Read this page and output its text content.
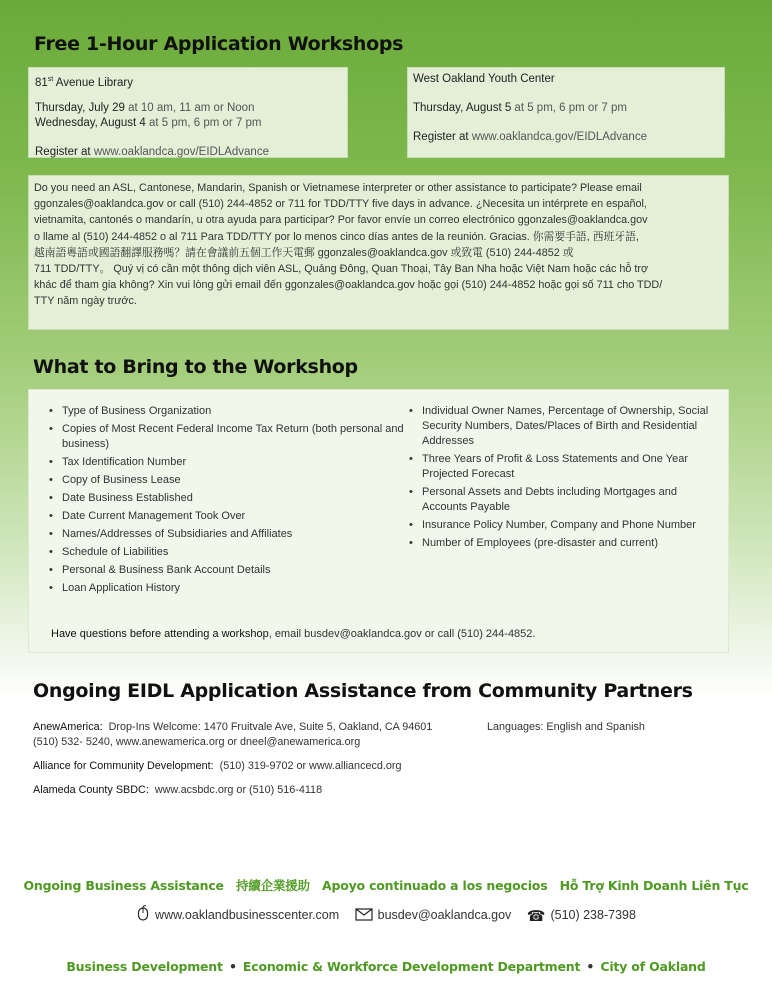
Free 1-Hour Application Workshops
81st Avenue Library
Thursday, July 29 at 10 am, 11 am or Noon
Wednesday, August 4 at 5 pm, 6 pm or 7 pm
Register at www.oaklandca.gov/EIDLAdvance
West Oakland Youth Center
Thursday, August 5 at 5 pm, 6 pm or 7 pm
Register at www.oaklandca.gov/EIDLAdvance
Do you need an ASL, Cantonese, Mandarin, Spanish or Vietnamese interpreter or other assistance to participate? Please email
ggonzales@oaklandca.gov or call (510) 244-4852 or 711 for TDD/TTY five days in advance. ¿Necesita un intérprete en español,
vietnamita, cantonés o mandarín, u otra ayuda para participar? Por favor envíe un correo electrónico ggonzales@oaklandca.gov
o llame al (510) 244-4852 o al 711 Para TDD/TTY por lo menos cinco días antes de la reunión. Gracias. 你需要手語, 西班牙語,
越南語粵語或國語翻譯服務嗎？請在會議前五個工作天電郵 ggonzales@oaklandca.gov 或致電 (510) 244-4852 或
711 TDD/TTY。 Quý vị có cần một thông dịch viên ASL, Quảng Đông, Quan Thoại, Tây Ban Nha hoặc Việt Nam hoặc các hỗ trợ
khác để tham gia không? Xin vui lòng gửi email đến ggonzales@oaklandca.gov hoặc gọi (510) 244-4852 hoặc gọi số 711 cho TDD/
TTY năm ngày trước.
What to Bring to the Workshop
• Type of Business Organization
• Copies of Most Recent Federal Income Tax Return (both personal and business)
• Tax Identification Number
• Copy of Business Lease
• Date Business Established
• Date Current Management Took Over
• Names/Addresses of Subsidiaries and Affiliates
• Schedule of Liabilities
• Personal & Business Bank Account Details
• Loan Application History
• Individual Owner Names, Percentage of Ownership, Social Security Numbers, Dates/Places of Birth and Residential Addresses
• Three Years of Profit & Loss Statements and One Year Projected Forecast
• Personal Assets and Debts including Mortgages and Accounts Payable
• Insurance Policy Number, Company and Phone Number
• Number of Employees (pre-disaster and current)
Have questions before attending a workshop, email busdev@oaklandca.gov or call (510) 244-4852.
Ongoing EIDL Application Assistance from Community Partners
AnewAmerica:  Drop-Ins Welcome: 1470 Fruitvale Ave, Suite 5, Oakland, CA 94601	Languages: English and Spanish
(510) 532- 5240, www.anewamerica.org or dneel@anewamerica.org
Alliance for Community Development:  (510) 319-9702 or www.alliancecd.org
Alameda County SBDC:  www.acsbdc.org or (510) 516-4118
Ongoing Business Assistance 持續企業援助 Apoyo continuado a los negocios Hỗ Trợ Kinh Doanh Liên Tục
www.oaklandbusinesscenter.com	busdev@oaklandca.gov ☎ (510) 238-7398
Business Development • Economic & Workforce Development Department • City of Oakland
